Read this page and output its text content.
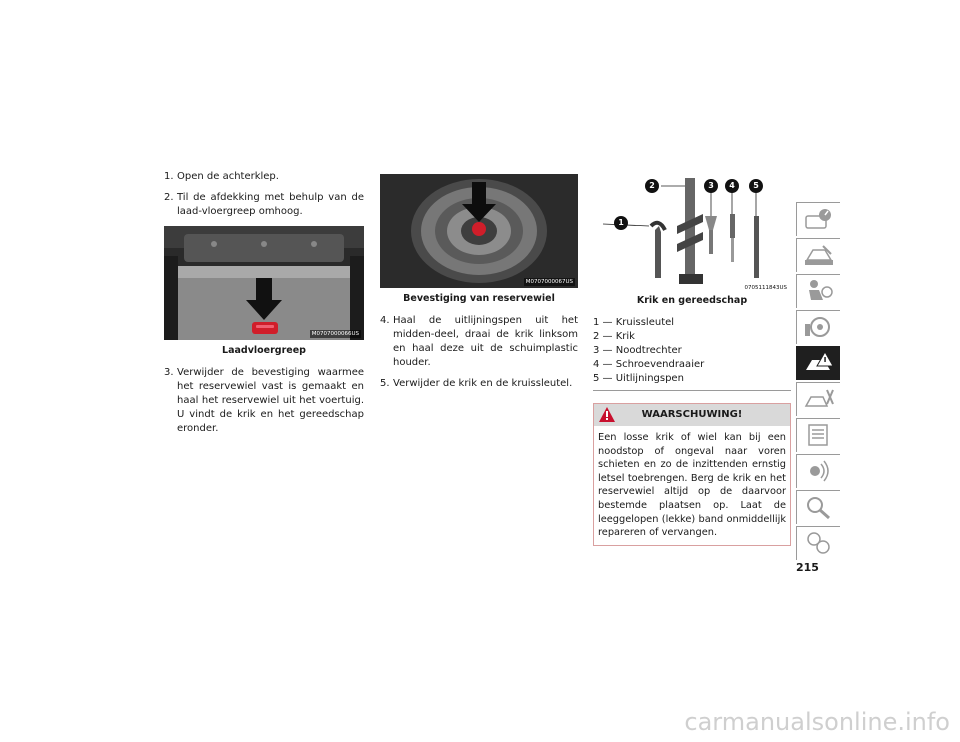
1. Open de achterklep.
2. Til de afdekking met behulp van de laad-vloergreep omhoog.
M0707000066US
Laadvloergreep
3. Verwijder de bevestiging waarmee het reservewiel vast is gemaakt en haal het reservewiel uit het voertuig. U vindt de krik en het gereedschap eronder.
M0707000067US
Bevestiging van reservewiel
4. Haal de uitlijningspen uit het midden-deel, draai de krik linksom en haal deze uit de schuimplastic houder.
5. Verwijder de krik en de kruissleutel.
1
2	3	4	5
0705111843US
Krik en gereedschap

1 — Kruissleutel

2 — Krik

3 — Noodtrechter

4 — Schroevendraaier

5 — Uitlijningspen

WAARSCHUWING!
Een losse krik of wiel kan bij een noodstop of ongeval naar voren schieten en zo de inzittenden ernstig letsel toebrengen. Berg de krik en het reservewiel altijd op de daarvoor bestemde plaatsen op. Laat de leeggelopen (lekke) band onmiddellijk repareren of vervangen.
215
carmanualsonline.info
